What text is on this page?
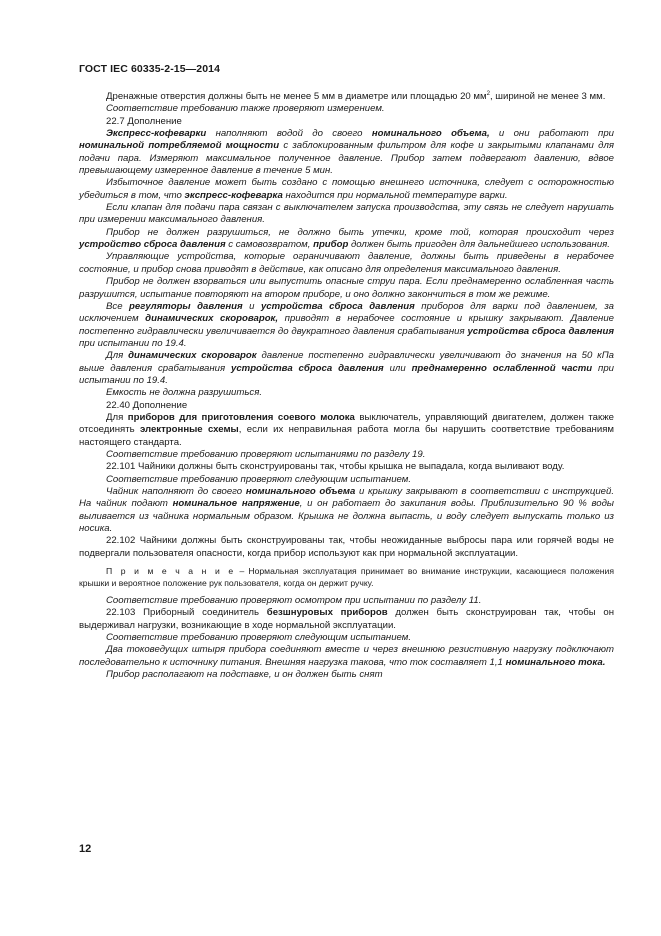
ГОСТ IEC 60335-2-15—2014

Дренажные отверстия должны быть не менее 5 мм в диаметре или площадью 20 $мм^2$, шириной не менее 3 мм.

Соответствие требованию также проверяют измерением.

22.7 Дополнение

Экспресс-кофеварки наполняют водой до своего номинального объема, и они работают при номинальной потребляемой мощности с заблокированным фильтром для кофе и закрытыми клапанами для подачи пара. Измеряют максимальное полученное давление. Прибор затем подвергают давлению, вдвое превышающему измеренное давление в течение 5 мин.

Избыточное давление может быть создано с помощью внешнего источника, следует с осторожностью убедиться в том, что экспресс-кофеварка находится при нормальной температуре варки.

Если клапан для подачи пара связан с выключателем запуска производства, эту связь не следует нарушать при измерении максимального давления.

Прибор не должен разрушиться, не должно быть утечки, кроме той, которая происходит через устройство сброса давления с самовозвратом, прибор должен быть пригоден для дальнейшего использования.

Управляющие устройства, которые ограничивают давление, должны быть приведены в нерабочее состояние, и прибор снова приводят в действие, как описано для определения максимального давления.

Прибор не должен взорваться или выпустить опасные струи пара. Если преднамеренно ослабленная часть разрушится, испытание повторяют на втором приборе, и оно должно закончиться в том же режиме.

Все регуляторы давления и устройства сброса давления приборов для варки под давлением, за исключением динамических скороварок, приводят в нерабочее состояние и крышку закрывают. Давление постепенно гидравлически увеличивается до двукратного давления срабатывания устройства сброса давления при испытании по 19.4.

Для динамических скороварок давление постепенно гидравлически увеличивают до значения на 50 кПа выше давления срабатывания устройства сброса давления или преднамеренно ослабленной части при испытании по 19.4.

Емкость не должна разрушиться.

22.40 Дополнение

Для приборов для приготовления соевого молока выключатель, управляющий двигателем, должен также отсоединять электронные схемы, если их неправильная работа могла бы нарушить соответствие требованиям настоящего стандарта.

Соответствие требованию проверяют испытаниями по разделу 19.

22.101 Чайники должны быть сконструированы так, чтобы крышка не выпадала, когда выливают воду.

Соответствие требованию проверяют следующим испытанием.

Чайник наполняют до своего номинального объема и крышку закрывают в соответствии с инструкцией. На чайник подают номинальное напряжение, и он работает до закипания воды. Приблизительно 90 % воды выливается из чайника нормальным образом. Крышка не должна выпасть, и воду следует выпускать только из носика.

22.102 Чайники должны быть сконструированы так, чтобы неожиданные выбросы пара или горячей воды не подвергали пользователя опасности, когда прибор используют как при нормальной эксплуатации.

П р и м е ч а н и е – Нормальная эксплуатация принимает во внимание инструкции, касающиеся положения крышки и вероятное положение рук пользователя, когда он держит ручку.

Соответствие требованию проверяют осмотром при испытании по разделу 11.

22.103 Приборный соединитель безшнуровых приборов должен быть сконструирован так, чтобы он выдерживал нагрузки, возникающие в ходе нормальной эксплуатации.

Соответствие требованию проверяют следующим испытанием.

Два токоведущих штыря прибора соединяют вместе и через внешнюю резистивную нагрузку подключают последовательно к источнику питания. Внешняя нагрузка такова, что ток составляет 1,1 номинального тока.

Прибор располагают на подставке, и он должен быть снят

12
